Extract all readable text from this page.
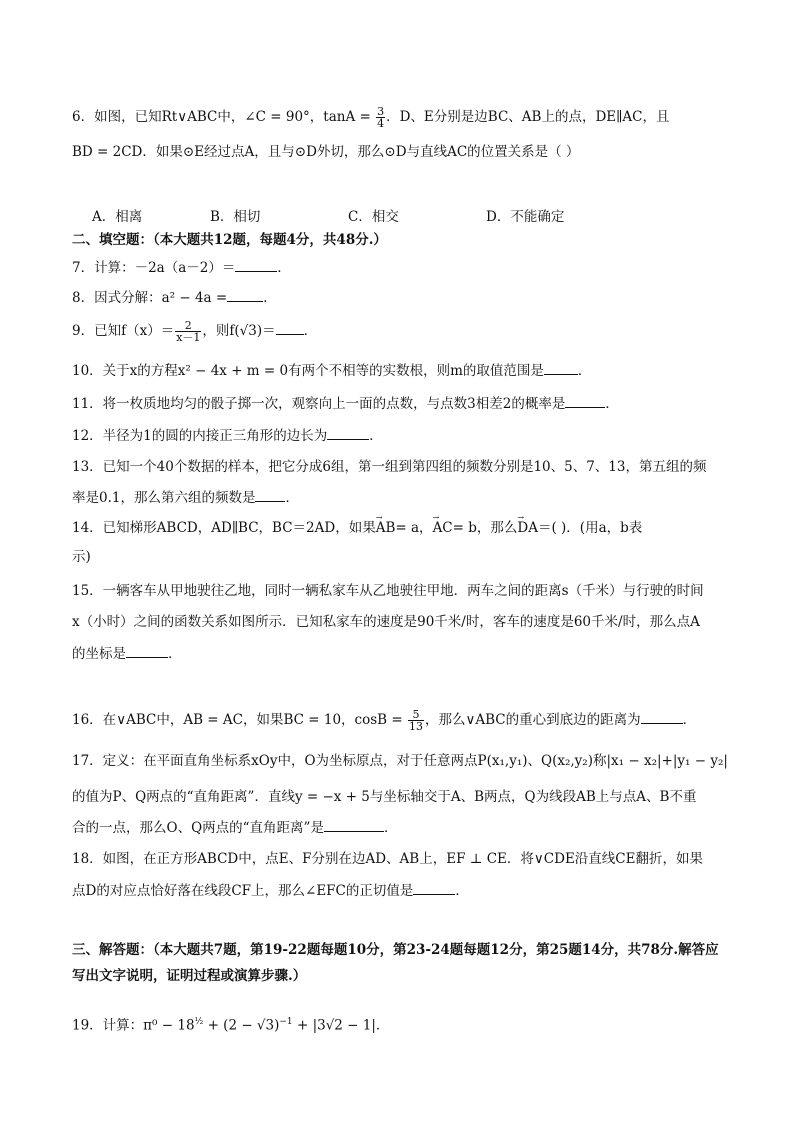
6．如图，已知Rt∨ABC中，∠C = 90°，$\tan A = \frac{3}{4}$ ．D、E分别是边BC、AB上的点，DE∥AC，且
BD = 2CD．如果⊙E经过点A，且与⊙D外切，那么⊙D与直线AC的位置关系是（ ）
A．相离	B．相切	C．相交	D．不能确定
二、填空题：（本大题共12题，每题4分，共48分.）
7．计算：－2a（a－2）＝	．
8．因式分解：a² − 4a =	．
9．已知$f(x)= \frac{2}{x-1}$ ，则f(√3)＝ ．
10．关于x的方程x² − 4x + m = 0有两个不相等的实数根，则m的取值范围是	．
11．将一枚质地均匀的骰子掷一次，观察向上一面的点数，与点数3相差2的概率是	．
12．半径为1的圆的内接正三角形的边长为	．
13．已知一个40个数据的样本，把它分成6组，第一组到第四组的频数分别是10、5、7、13，第五组的频
率是0.1，那么第六组的频数是 ．
14．已知梯形ABCD，AD∥BC，BC＝2AD，如果→ AB= a，→ AC= b，那么→ DA＝( )．(用a，b表
示)
15．一辆客车从甲地驶往乙地，同时一辆私家车从乙地驶往甲地．两车之间的距离s（千米）与行驶的时间
x（小时）之间的函数关系如图所示．已知私家车的速度是90千米/时，客车的速度是60千米/时，那么点A
的坐标是	．
16．在∨ABC中，AB = AC，如果BC = 10，$\cos B = \frac{5}{13}$ ，那么∨ABC的重心到底边的距离为	．
17．定义：在平面直角坐标系xOy中，O为坐标原点，对于任意两点P(x₁,y₁)、Q(x₂,y₂)称|x₁ − x₂|+|y₁ − y₂|
的值为P、Q两点的“直角距离”．直线y = −x + 5与坐标轴交于A、B两点，Q为线段AB上与点A、B不重
合的一点，那么O、Q两点的“直角距离”是	．
18．如图，在正方形ABCD中，点E、F分别在边AD、AB上，EF ⊥ CE．将∨CDE沿直线CE翻折，如果
点D的对应点恰好落在线段CF上，那么∠EFC的正切值是	．
三、解答题：（本大题共7题，第19-22题每题10分，第23-24题每题12分，第25题14分，共78分.解答应
写出文字说明，证明过程或演算步骤.）
19．计算：$\pi^0 - 18^{\frac{1}{2}} + (2 - √3)^{-1} + |3√2 - 1|$．
